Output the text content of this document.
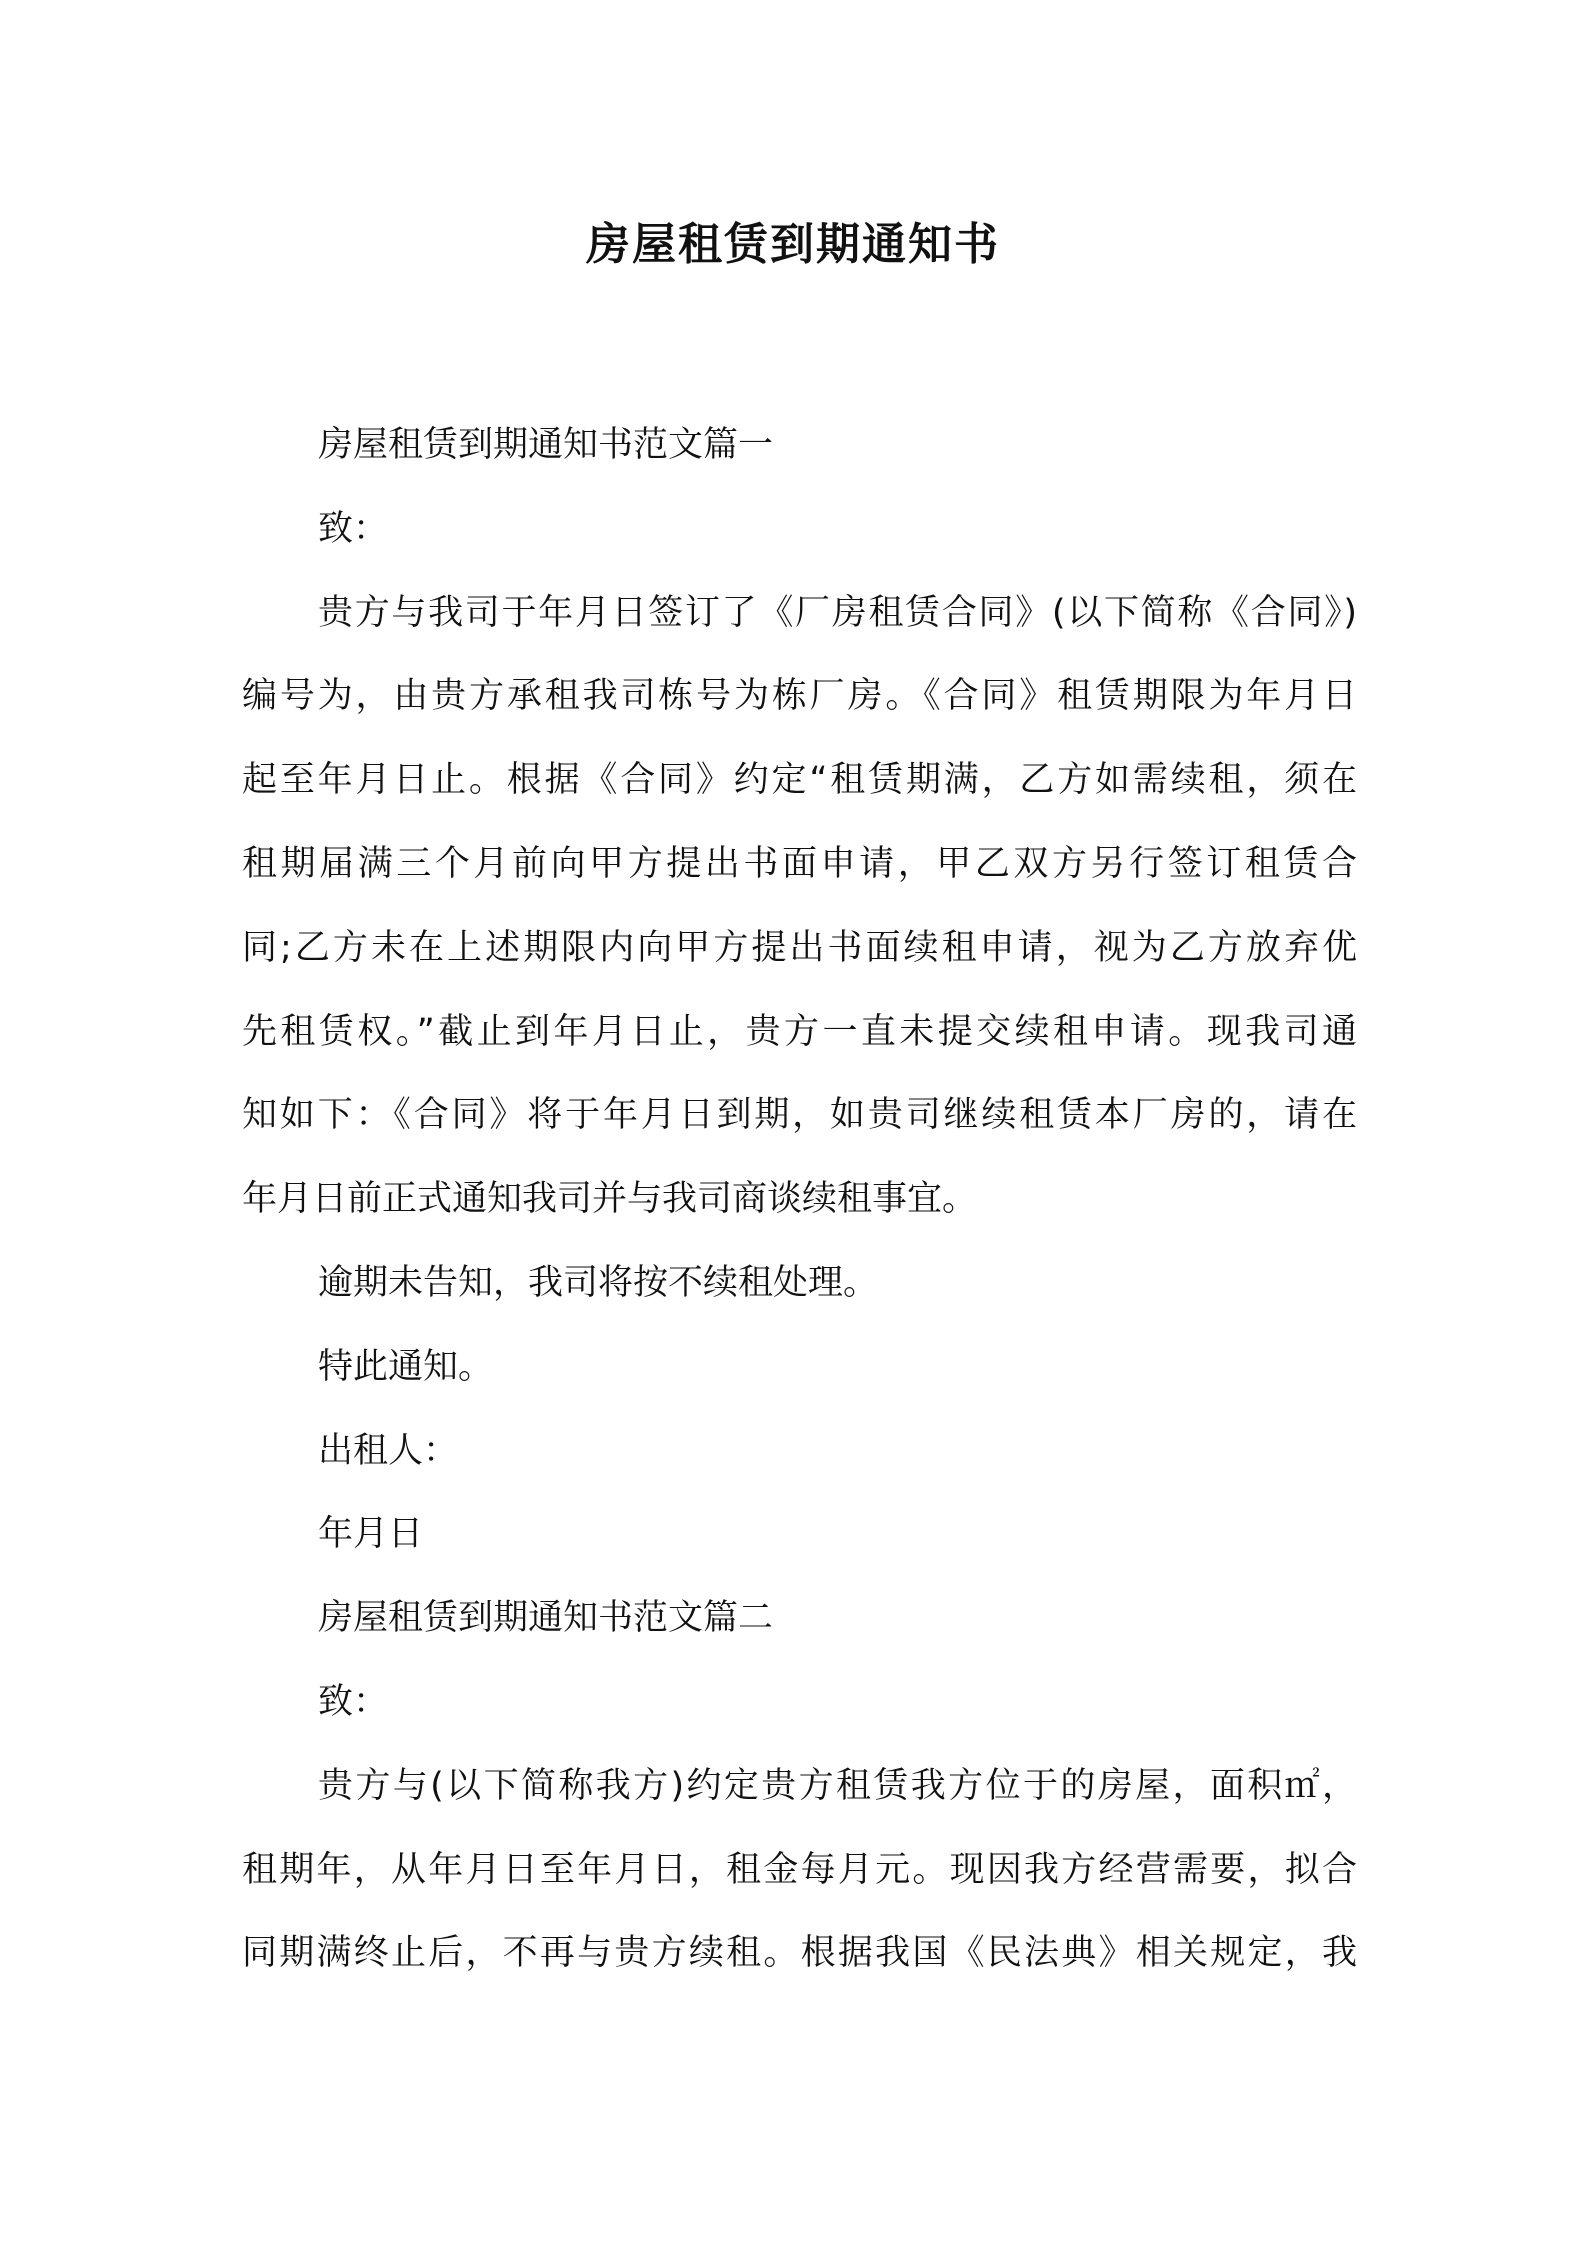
房屋租赁到期通知书
房屋租赁到期通知书范文篇一
致：
贵方与我司于年月日签订了《厂房租赁合同》(以下简称《合同》)
编号为，由贵方承租我司栋号为栋厂房。《合同》租赁期限为年月日
起至年月日止。根据《合同》约定“租赁期满，乙方如需续租，须在
租期届满三个月前向甲方提出书面申请，甲乙双方另行签订租赁合
同;乙方未在上述期限内向甲方提出书面续租申请，视为乙方放弃优
先租赁权。”截止到年月日止，贵方一直未提交续租申请。现我司通
知如下：《合同》将于年月日到期，如贵司继续租赁本厂房的，请在
年月日前正式通知我司并与我司商谈续租事宜。
逾期未告知，我司将按不续租处理。
特此通知。
出租人：
年月日
房屋租赁到期通知书范文篇二
致：
贵方与(以下简称我方)约定贵方租赁我方位于的房屋，面积㎡，
租期年，从年月日至年月日，租金每月元。现因我方经营需要，拟合
同期满终止后，不再与贵方续租。根据我国《民法典》相关规定，我
